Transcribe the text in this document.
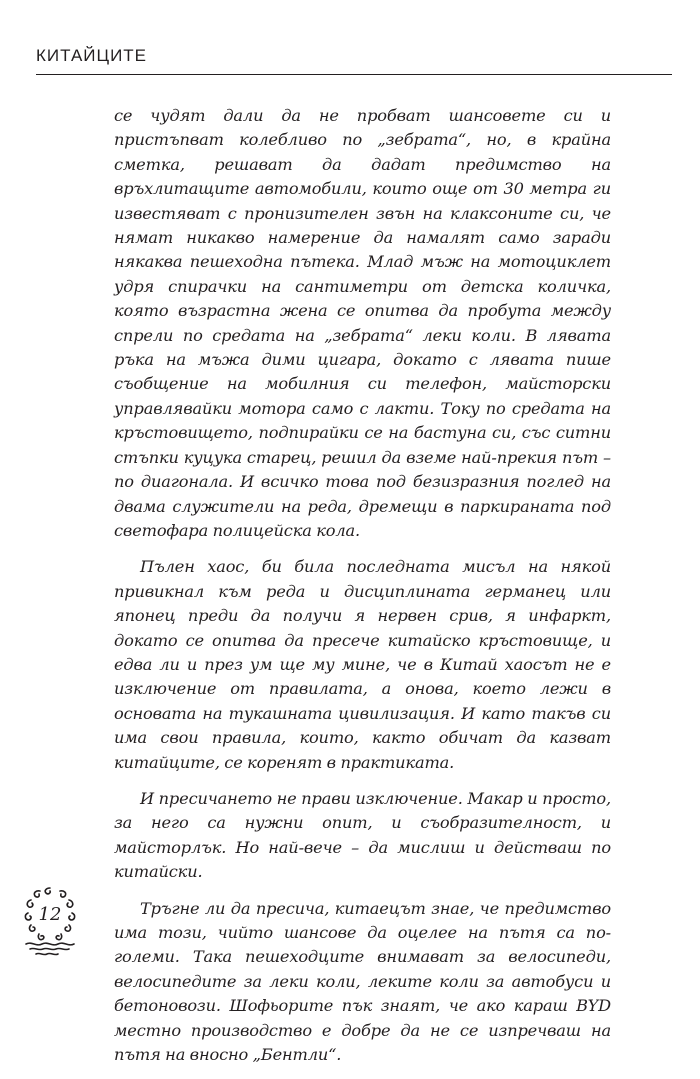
КИТАЙЦИТЕ

се чудят дали да не пробват шансовете си и пристъпват колебливо по „зебрата“, но, в крайна сметка, решават да дадат предимство на връхлитащите автомобили, които още от 30 метра ги известяват с пронизителен звън на клаксоните си, че нямат никакво намерение да намалят само заради някаква пешеходна пътека. Млад мъж на мотоциклет удря спирачки на сантиметри от детска количка, която възрастна жена се опитва да пробута между спрели по средата на „зебрата“ леки коли. В лявата ръка на мъжа дими цигара, докато с лявата пише съобщение на мобилния си телефон, майсторски управлявайки мотора само с лакти. Току по средата на кръстовището, подпирайки се на бастуна си, със ситни стъпки куцука старец, решил да вземе най-прекия път – по диагонала. И всичко това под безизразния поглед на двама служители на реда, дремещи в паркираната под светофара полицейска кола.

Пълен хаос, би била последната мисъл на някой привикнал към реда и дисциплината германец или японец преди да получи я нервен срив, я инфаркт, докато се опитва да пресече китайско кръстовище, и едва ли и през ум ще му мине, че в Китай хаосът не е изключение от правилата, а онова, което лежи в основата на тукашната цивилизация. И като такъв си има свои правила, които, както обичат да казват китайците, се коренят в практиката.

И пресичането не прави изключение. Макар и просто, за него са нужни опит, и съобразителност, и майсторлък. Но най-вече – да мислиш и действаш по китайски.

Тръгне ли да пресича, китаецът знае, че предимство има този, чийто шансове да оцелее на пътя са по-големи. Така пешеходците внимават за велосипеди, велосипедите за леки коли, леките коли за автобуси и бетоновози. Шофьорите пък знаят, че ако караш BYD местно производство е добре да не се изпречваш на пътя на вносно „Бентли“.

12
